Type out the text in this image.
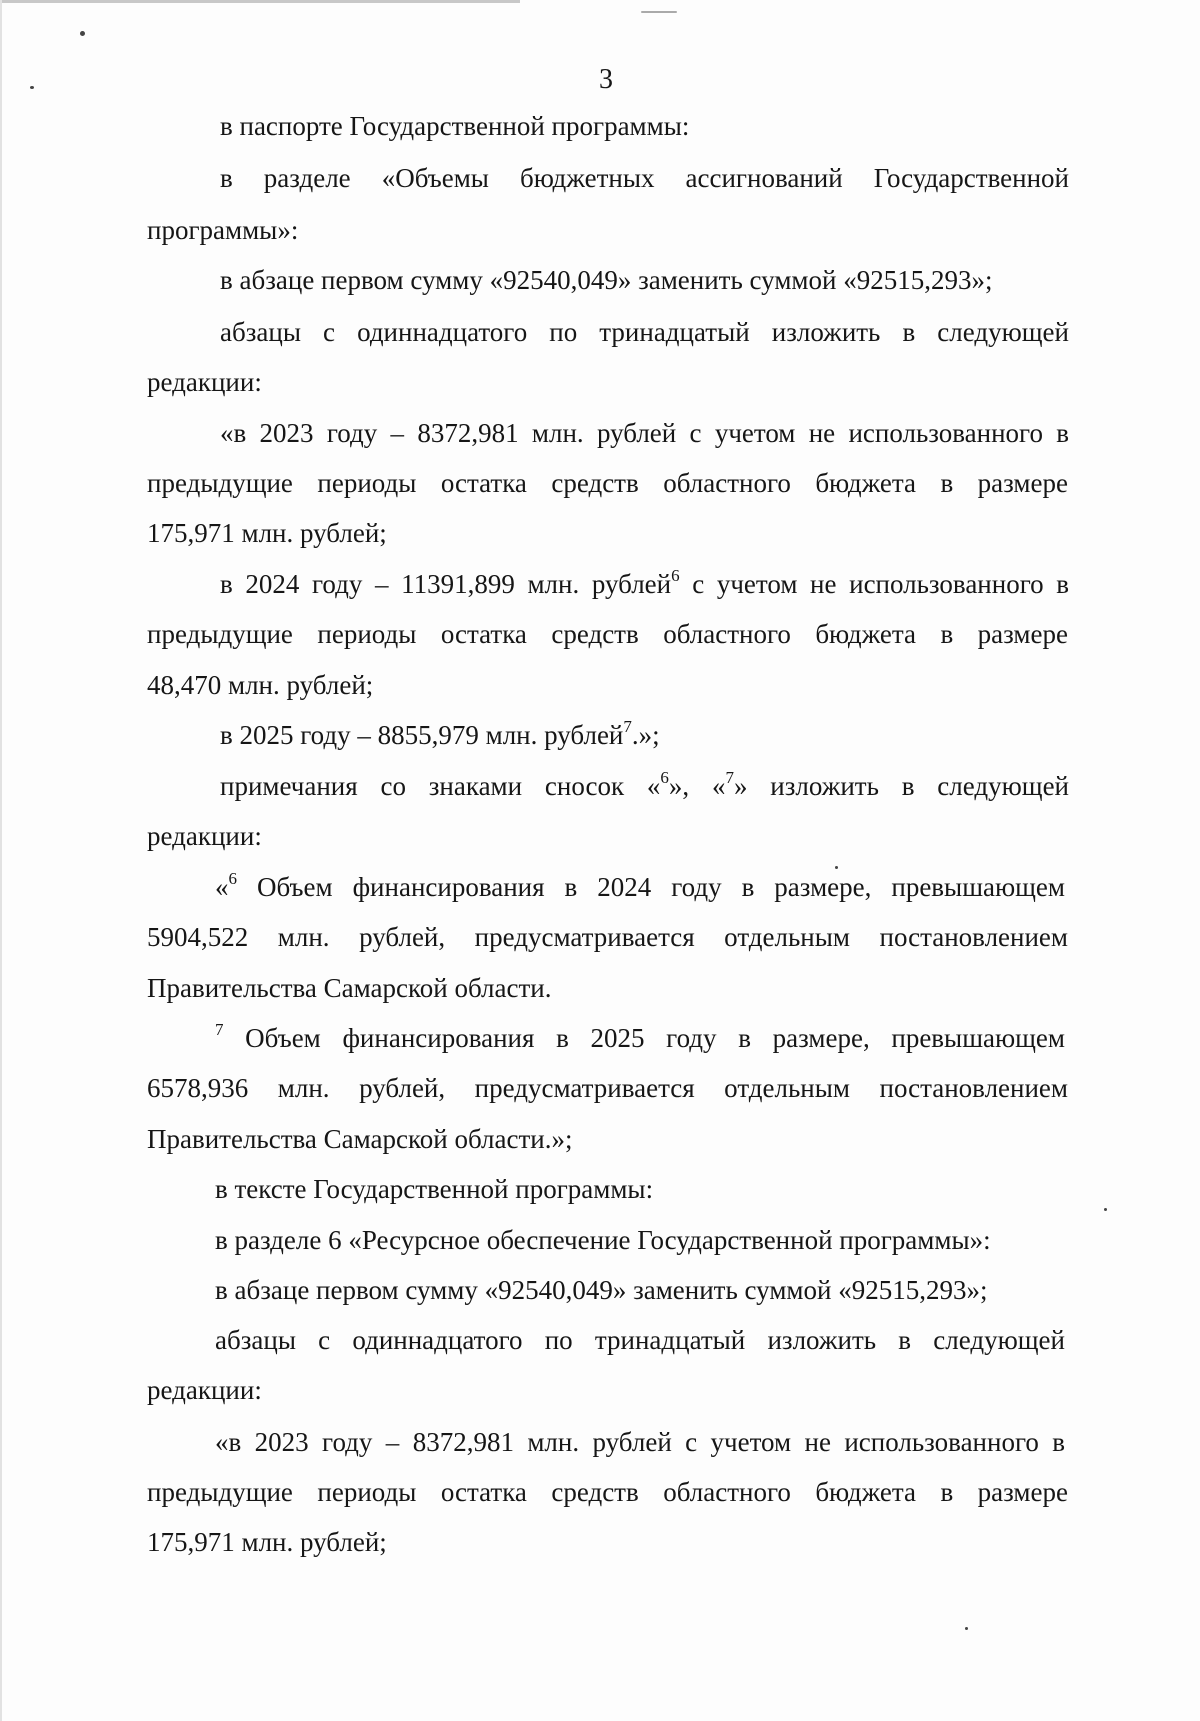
3
в паспорте Государственной программы:
в разделе «Объемы бюджетных ассигнований Государственной
программы»:
в абзаце первом сумму «92540,049» заменить суммой «92515,293»;
абзацы с одиннадцатого по тринадцатый изложить в следующей
редакции:
«в 2023 году – 8372,981 млн. рублей с учетом не использованного в
предыдущие периоды остатка средств областного бюджета в размере
175,971 млн. рублей;
в 2024 году – 11391,899 млн. рублей$^6$ с учетом не использованного в
предыдущие периоды остатка средств областного бюджета в размере
48,470 млн. рублей;
в 2025 году – 8855,979 млн. рублей$^7$.»;
примечания со знаками сносок «$^6$», «$^7$» изложить в следующей
редакции:
«$^6$ Объем финансирования в 2024 году в размере, превышающем
5904,522 млн. рублей, предусматривается отдельным постановлением
Правительства Самарской области.
$^7$ Объем финансирования в 2025 году в размере, превышающем
6578,936 млн. рублей, предусматривается отдельным постановлением
Правительства Самарской области.»;
в тексте Государственной программы:
в разделе 6 «Ресурсное обеспечение Государственной программы»:
в абзаце первом сумму «92540,049» заменить суммой «92515,293»;
абзацы с одиннадцатого по тринадцатый изложить в следующей
редакции:
«в 2023 году – 8372,981 млн. рублей с учетом не использованного в
предыдущие периоды остатка средств областного бюджета в размере
175,971 млн. рублей;
